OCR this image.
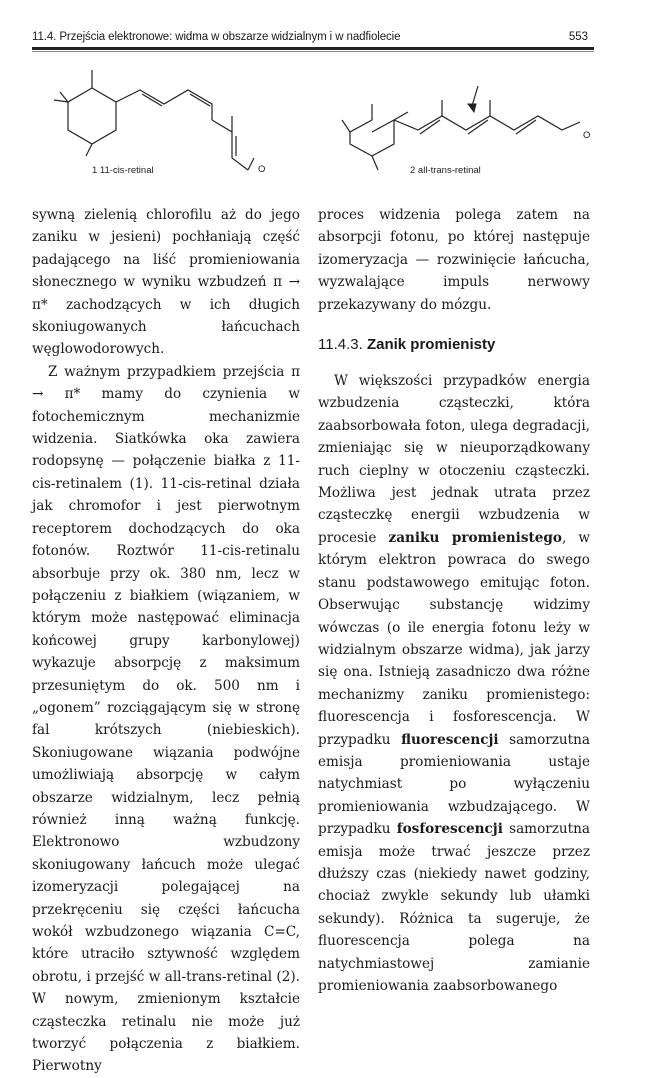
11.4. Przejścia elektronowe: widma w obszarze widzialnym i w nadfiolecie	553
1 11-cis-retinal	O	2 all-trans-retinal
O

sywną zielenią chlorofilu aż do jego zaniku w jesieni) pochłaniają część padającego na liść promieniowania słonecznego w wyniku wzbudzeń π → π* zachodzących w ich długich skoniugowanych łańcuchach węglowodorowych.

Z ważnym przypadkiem przejścia π → π* mamy do czynienia w fotochemicznym mechanizmie widzenia. Siatkówka oka zawiera rodopsynę — połączenie białka z 11-cis-retinalem (1). 11-cis-retinal działa jak chromofor i jest pierwotnym receptorem dochodzących do oka fotonów. Roztwór 11-cis-retinalu absorbuje przy ok. 380 nm, lecz w połączeniu z białkiem (wiązaniem, w którym może następować eliminacja końcowej grupy karbonylowej) wykazuje absorpcję z maksimum przesuniętym do ok. 500 nm i „ogonem” rozciągającym się w stronę fal krótszych (niebieskich). Skoniugowane wiązania podwójne umożliwiają absorpcję w całym obszarze widzialnym, lecz pełnią również inną ważną funkcję. Elektronowo wzbudzony skoniugowany łańcuch może ulegać izomeryzacji polegającej na przekręceniu się części łańcucha wokół wzbudzonego wiązania C=C, które utraciło sztywność względem obrotu, i przejść w all-trans-retinal (2). W nowym, zmienionym kształcie cząsteczka retinalu nie może już tworzyć połączenia z białkiem. Pierwotny

proces widzenia polega zatem na absorpcji fotonu, po której następuje izomeryzacja — rozwinięcie łańcucha, wyzwalające impuls nerwowy przekazywany do mózgu.

11.4.3. Zanik promienisty

W większości przypadków energia wzbudzenia cząsteczki, która zaabsorbowała foton, ulega degradacji, zmieniając się w nieuporządkowany ruch cieplny w otoczeniu cząsteczki. Możliwa jest jednak utrata przez cząsteczkę energii wzbudzenia w procesie zaniku promienistego, w którym elektron powraca do swego stanu podstawowego emitując foton. Obserwując substancję widzimy wówczas (o ile energia fotonu leży w widzialnym obszarze widma), jak jarzy się ona. Istnieją zasadniczo dwa różne mechanizmy zaniku promienistego: fluorescencja i fosforescencja. W przypadku fluorescencji samorzutna emisja promieniowania ustaje natychmiast po wyłączeniu promieniowania wzbudzającego. W przypadku fosforescencji samorzutna emisja może trwać jeszcze przez dłuższy czas (niekiedy nawet godziny, chociaż zwykle sekundy lub ułamki sekundy). Różnica ta sugeruje, że fluorescencja polega na natychmiastowej zamianie promieniowania zaabsorbowanego
